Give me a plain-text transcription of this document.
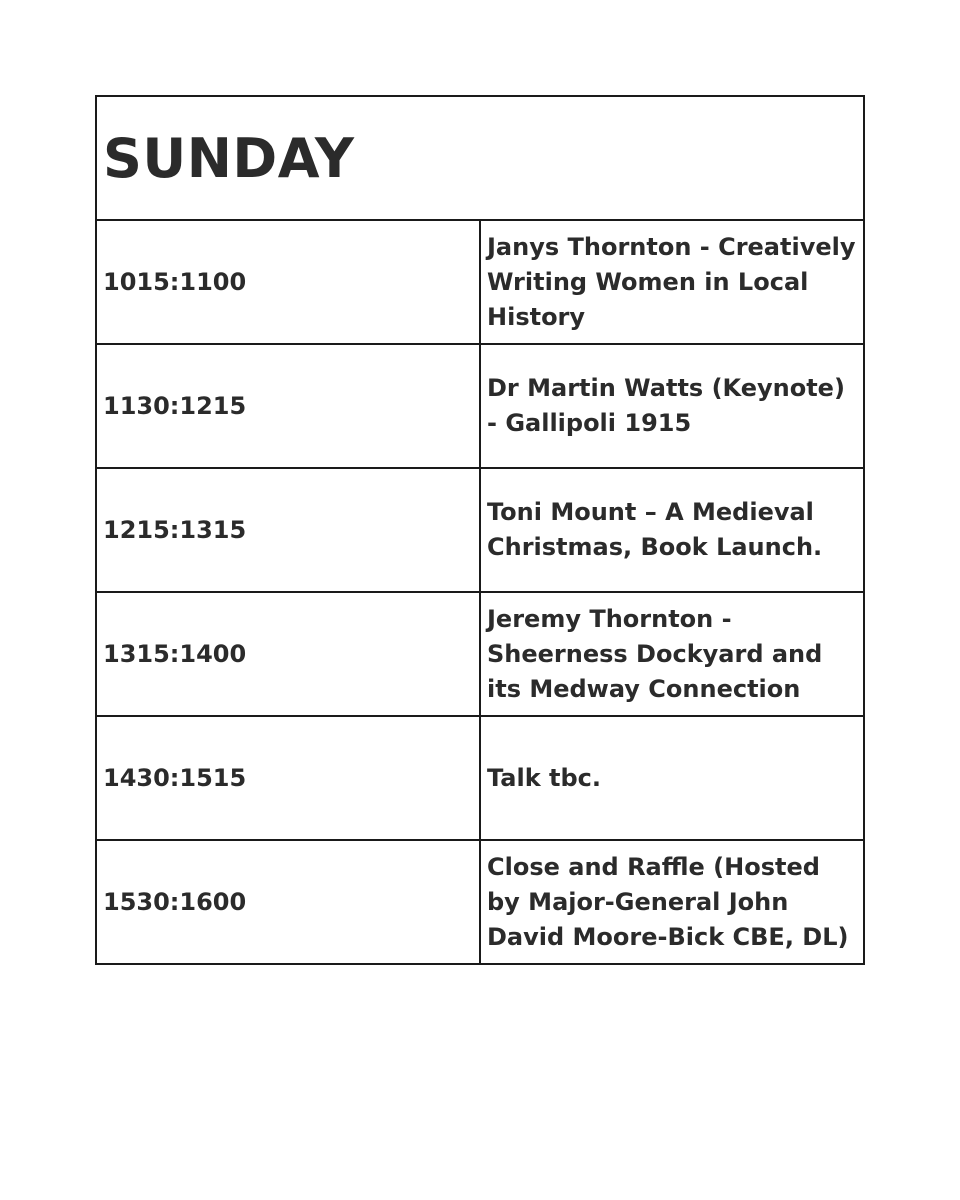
SUNDAY	
1015:1100	Janys Thornton - Creatively Writing Women in Local History
1130:1215	Dr Martin Watts (Keynote) - Gallipoli 1915
1215:1315	Toni Mount – A Medieval Christmas, Book Launch.
1315:1400	Jeremy Thornton - Sheerness Dockyard and its Medway Connection
1430:1515	Talk tbc.
1530:1600	Close and Raffle (Hosted by Major-General John David Moore-Bick CBE, DL)
